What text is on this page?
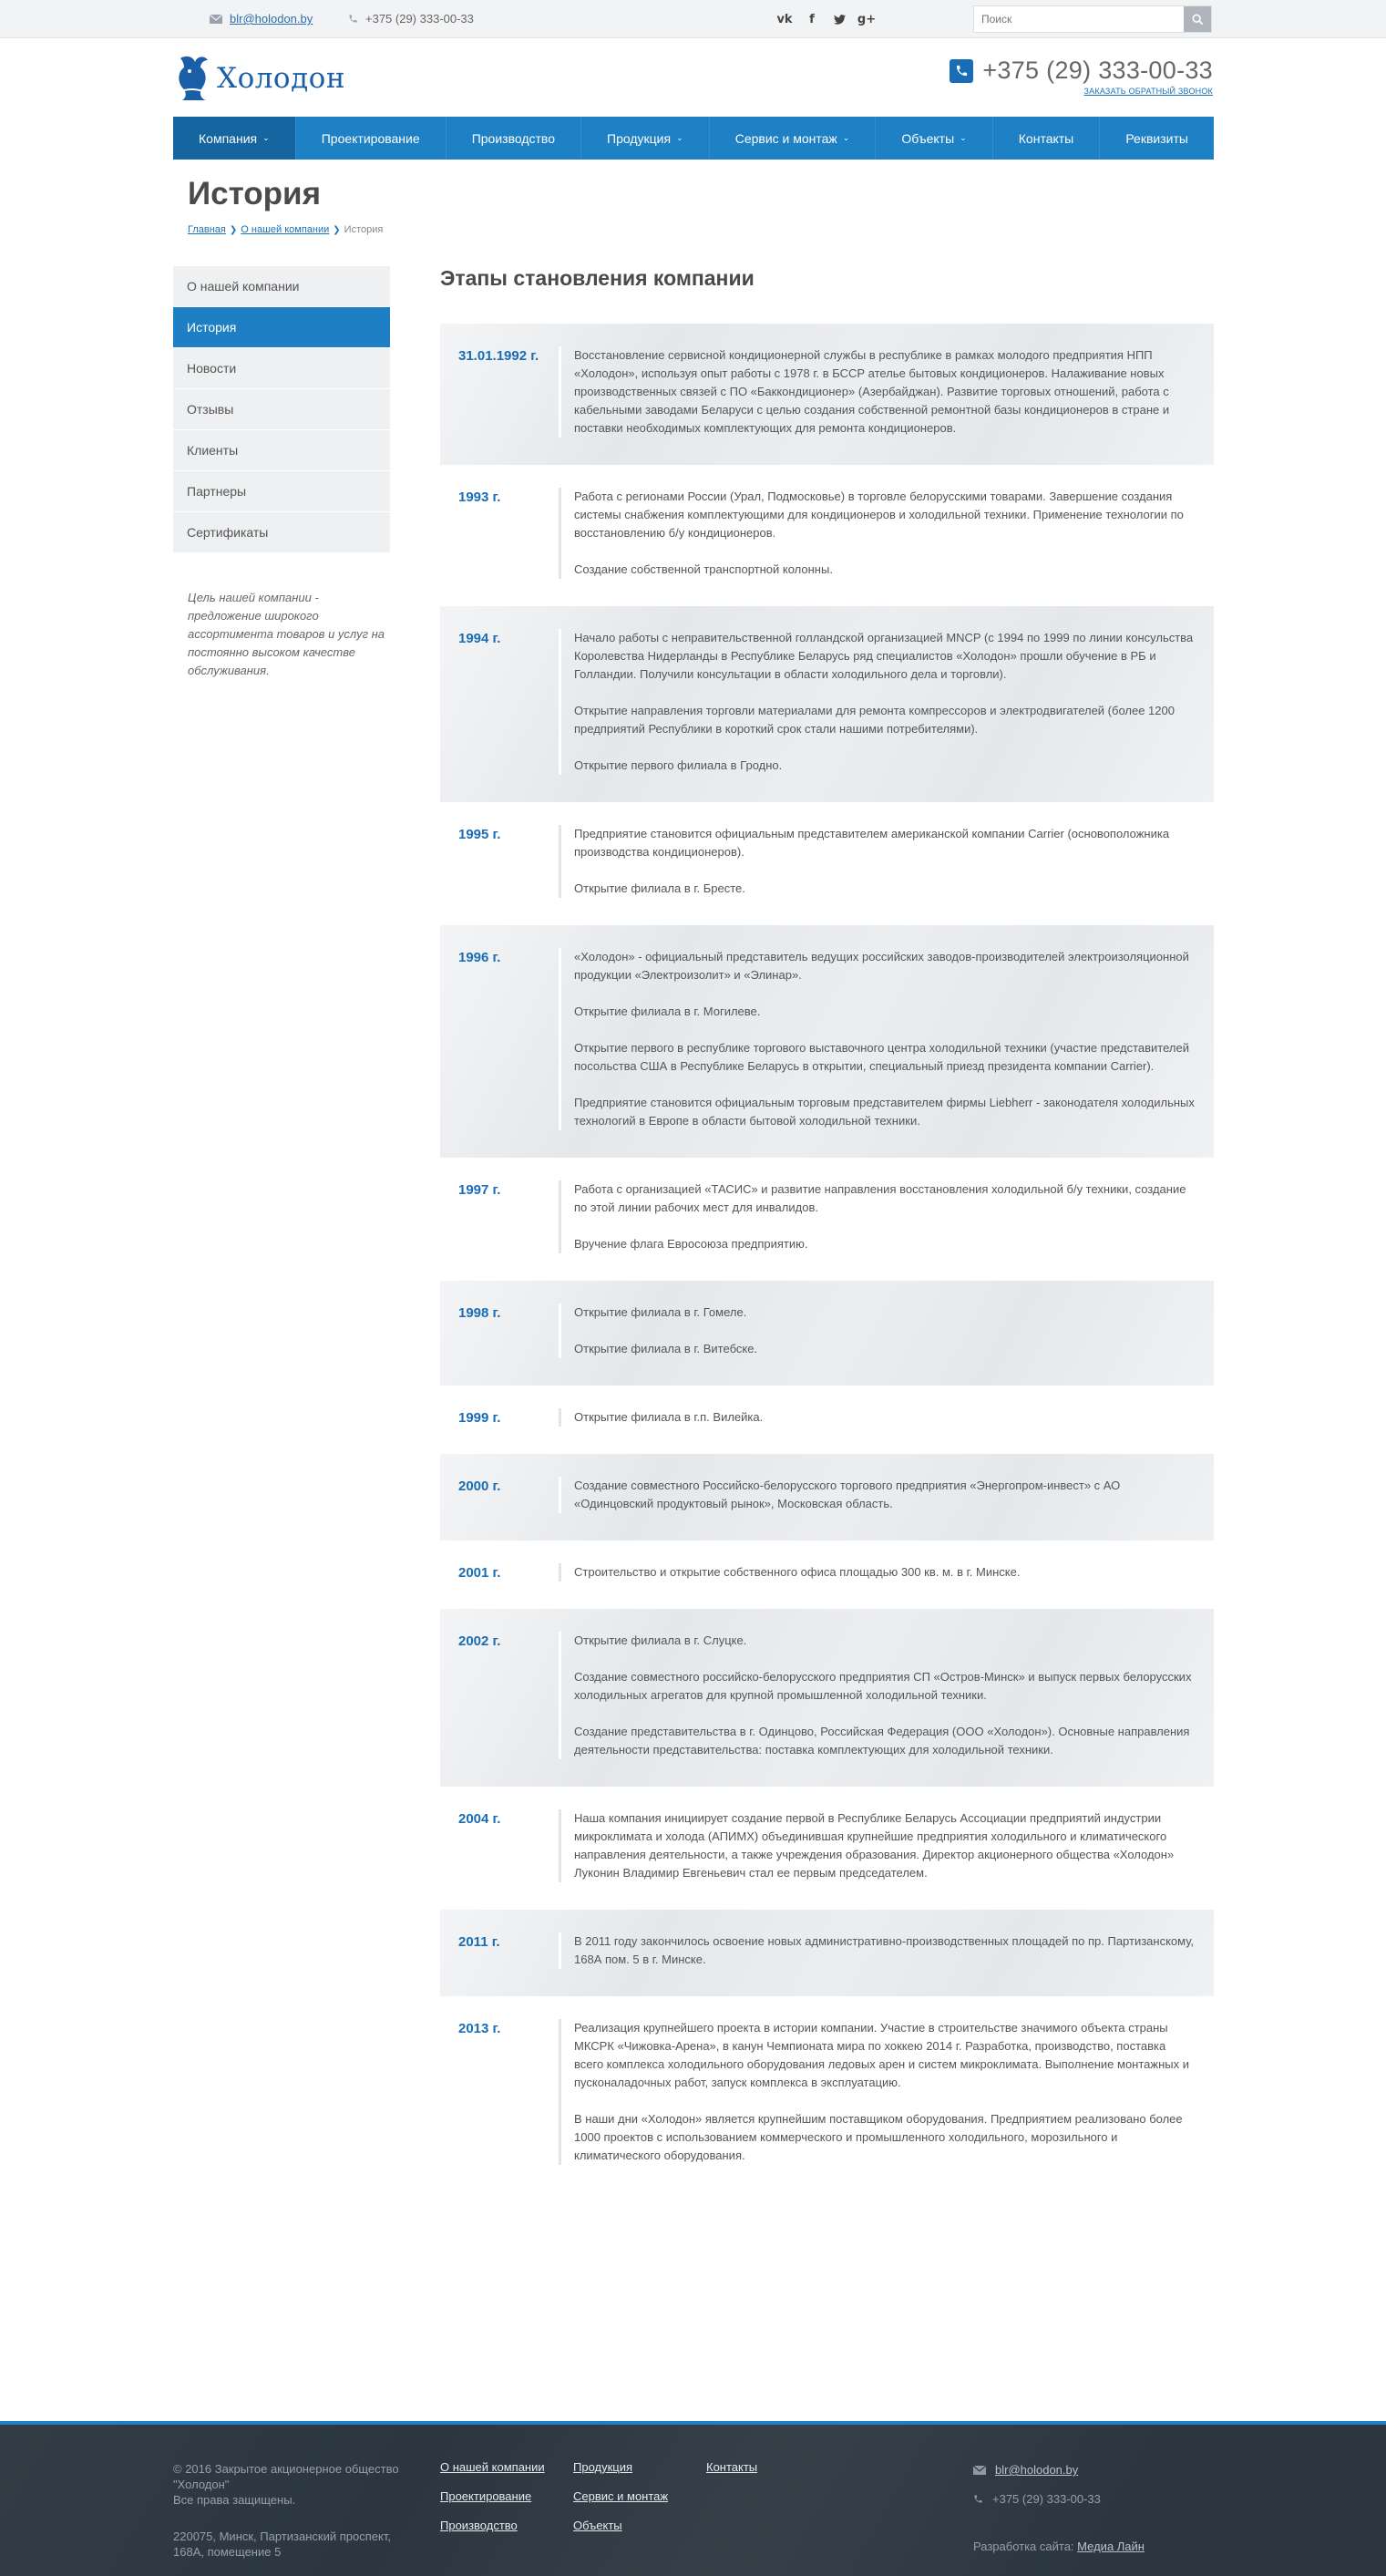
blr@holodon.by	+375 (29) 333-00-33	vk	f	g+
Поиск
Холодон	+375 (29) 333-00-33
ЗАКАЗАТЬ ОБРАТНЫЙ ЗВОНОК
Компания ⌄	Проектирование	Производство	Продукция ⌄	Сервис и монтаж ⌄	Объекты ⌄	Контакты	Реквизиты
История
Главная ❯ О нашей компании ❯ История
О нашей компании
История
Новости
Отзывы
Клиенты
Партнеры
Сертификаты

Цель нашей компании - предложение широкого ассортимента товаров и услуг на постоянно высоком качестве обслуживания.

Этапы становления компании
31.01.1992 г.	Восстановление сервисной кондиционерной службы в республике в рамках молодого предприятия НПП «Холодон», используя опыт работы с 1978 г. в БССР ателье бытовых кондиционеров. Налаживание новых производственных связей с ПО «Баккондиционер» (Азербайджан). Развитие торговых отношений, работа с кабельными заводами Беларуси с целью создания собственной ремонтной базы кондиционеров в стране и поставки необходимых комплектующих для ремонта кондиционеров.

1993 г.	Работа с регионами России (Урал, Подмосковье) в торговле белорусскими товарами. Завершение создания системы снабжения комплектующими для кондиционеров и холодильной техники. Применение технологии по восстановлению б/у кондиционеров.

Создание собственной транспортной колонны.

1994 г.	Начало работы с неправительственной голландской организацией MNCP (с 1994 по 1999 по линии консульства Королевства Нидерланды в Республике Беларусь ряд специалистов «Холодон» прошли обучение в РБ и Голландии. Получили консультации в области холодильного дела и торговли).

Открытие направления торговли материалами для ремонта компрессоров и электродвигателей (более 1200 предприятий Республики в короткий срок стали нашими потребителями).

Открытие первого филиала в Гродно.

1995 г.	Предприятие становится официальным представителем американской компании Carrier (основоположника производства кондиционеров).

Открытие филиала в г. Бресте.

1996 г.	«Холодон» - официальный представитель ведущих российских заводов-производителей электроизоляционной продукции «Электроизолит» и «Элинар».

Открытие филиала в г. Могилеве.

Открытие первого в республике торгового выставочного центра холодильной техники (участие представителей посольства США в Республике Беларусь в открытии, специальный приезд президента компании Carrier).

Предприятие становится официальным торговым представителем фирмы Liebherr - законодателя холодильных технологий в Европе в области бытовой холодильной техники.

1997 г.	Работа с организацией «ТАСИС» и развитие направления восстановления холодильной б/у техники, создание по этой линии рабочих мест для инвалидов.

Вручение флага Евросоюза предприятию.

1998 г.	Открытие филиала в г. Гомеле.

Открытие филиала в г. Витебске.

1999 г.	Открытие филиала в г.п. Вилейка.

2000 г.	Создание совместного Российско-белорусского торгового предприятия «Энергопром-инвест» с АО «Одинцовский продуктовый рынок», Московская область.

2001 г.	Строительство и открытие собственного офиса площадью 300 кв. м. в г. Минске.

2002 г.	Открытие филиала в г. Слуцке.

Создание совместного российско-белорусского предприятия СП «Остров-Минск» и выпуск первых белорусских холодильных агрегатов для крупной промышленной холодильной техники.

Создание представительства в г. Одинцово, Российская Федерация (ООО «Холодон»). Основные направления деятельности представительства: поставка комплектующих для холодильной техники.

2004 г.	Наша компания инициирует создание первой в Республике Беларусь Ассоциации предприятий индустрии микроклимата и холода (АПИМХ) объединившая крупнейшие предприятия холодильного и климатического направления деятельности, а также учреждения образования. Директор акционерного общества «Холодон» Луконин Владимир Евгеньевич стал ее первым председателем.

2011 г.	В 2011 году закончилось освоение новых административно-производственных площадей по пр. Партизанскому, 168А пом. 5 в г. Минске.

2013 г.	Реализация крупнейшего проекта в истории компании. Участие в строительстве значимого объекта страны МКСРК «Чижовка-Арена», в канун Чемпионата мира по хоккею 2014 г. Разработка, производство, поставка всего комплекса холодильного оборудования ледовых арен и систем микроклимата. Выполнение монтажных и пусконаладочных работ, запуск комплекса в эксплуатацию.

В наши дни «Холодон» является крупнейшим поставщиком оборудования. Предприятием реализовано более 1000 проектов с использованием коммерческого и промышленного холодильного, морозильного и климатического оборудования.

© 2016 Закрытое акционерное общество "Холодон"
Все права защищены.
220075, Минск, Партизанский проспект, 168А, помещение 5
О нашей компании
Проектирование
Производство
Продукция
Сервис и монтаж
Объекты
Контакты	blr@holodon.by
+375 (29) 333-00-33
Разработка сайта: Медиа Лайн
